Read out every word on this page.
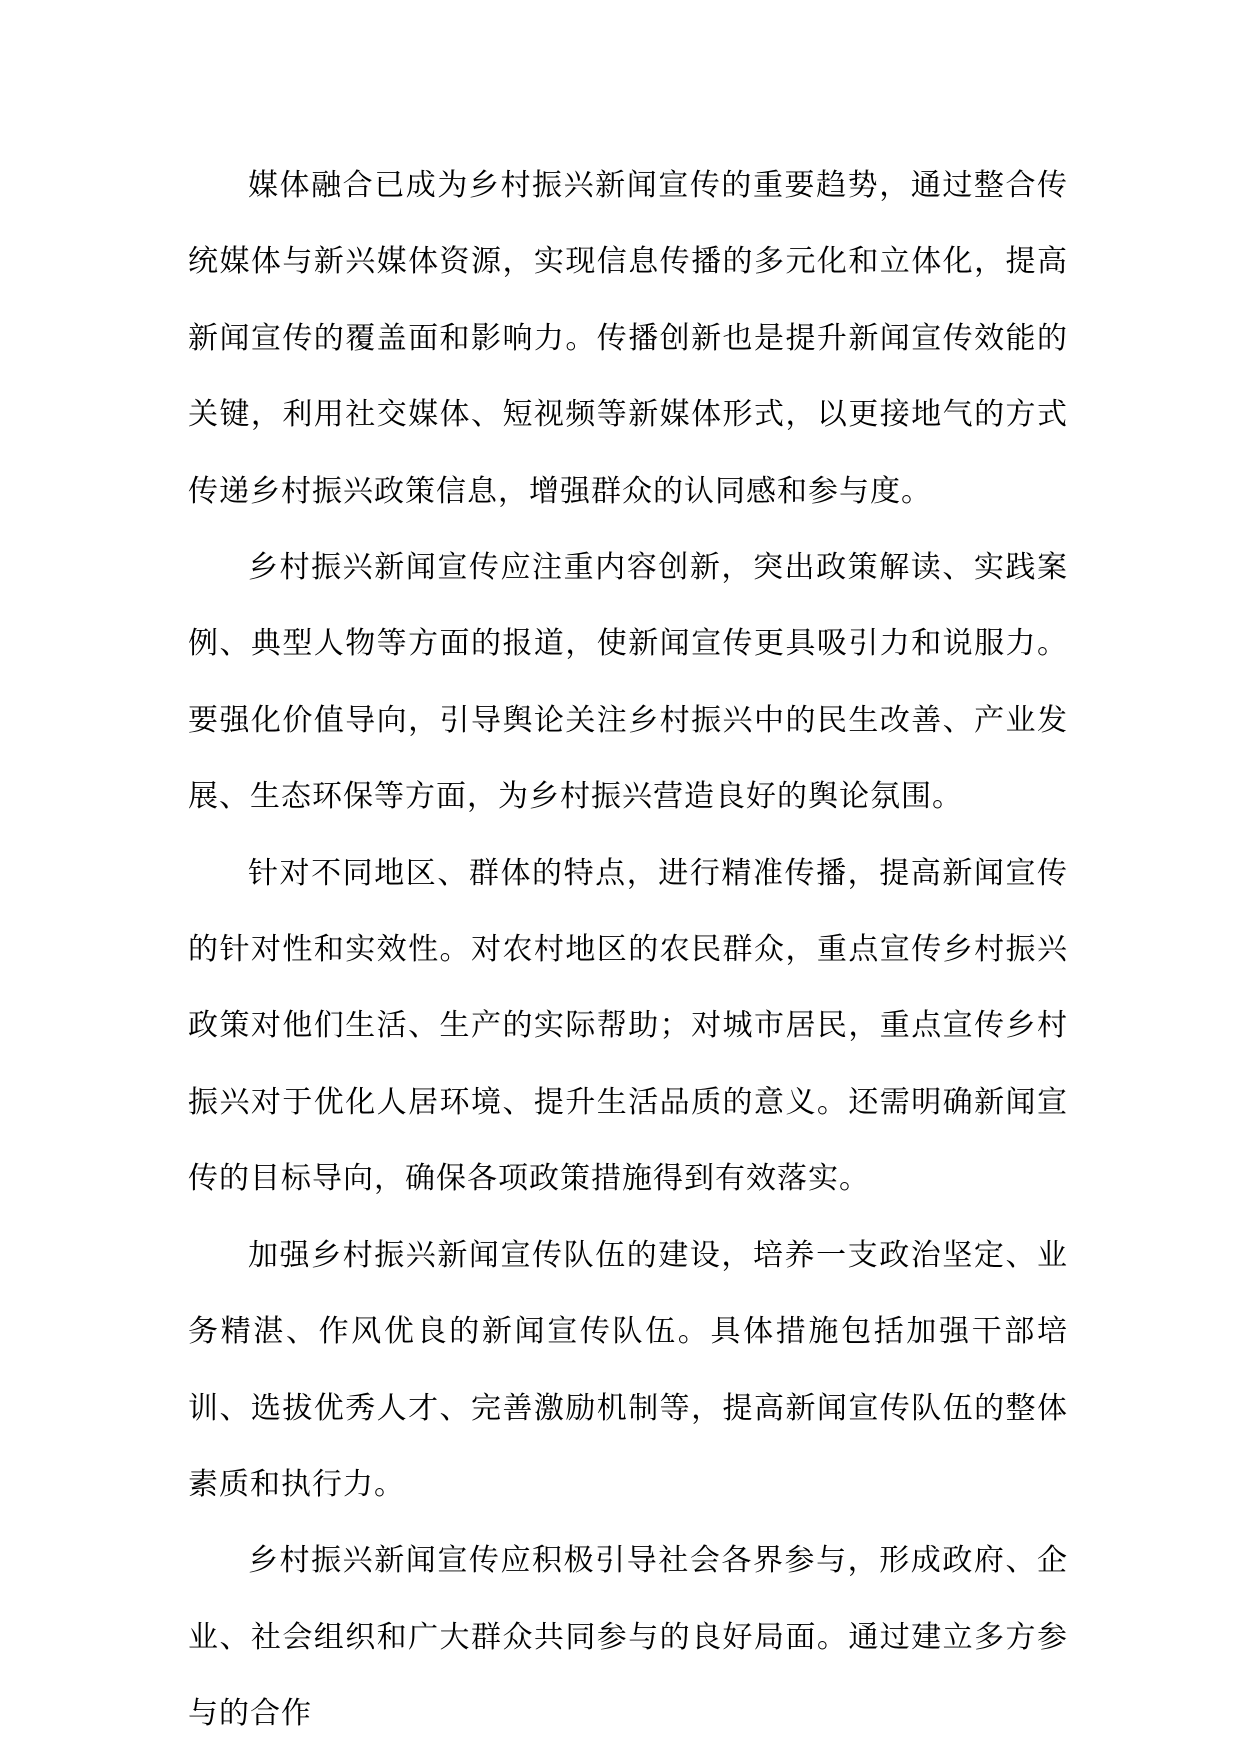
媒体融合已成为乡村振兴新闻宣传的重要趋势，通过整合传统媒体与新兴媒体资源，实现信息传播的多元化和立体化，提高新闻宣传的覆盖面和影响力。传播创新也是提升新闻宣传效能的关键，利用社交媒体、短视频等新媒体形式，以更接地气的方式传递乡村振兴政策信息，增强群众的认同感和参与度。

乡村振兴新闻宣传应注重内容创新，突出政策解读、实践案例、典型人物等方面的报道，使新闻宣传更具吸引力和说服力。要强化价值导向，引导舆论关注乡村振兴中的民生改善、产业发展、生态环保等方面，为乡村振兴营造良好的舆论氛围。

针对不同地区、群体的特点，进行精准传播，提高新闻宣传的针对性和实效性。对农村地区的农民群众，重点宣传乡村振兴政策对他们生活、生产的实际帮助；对城市居民，重点宣传乡村振兴对于优化人居环境、提升生活品质的意义。还需明确新闻宣传的目标导向，确保各项政策措施得到有效落实。

加强乡村振兴新闻宣传队伍的建设，培养一支政治坚定、业务精湛、作风优良的新闻宣传队伍。具体措施包括加强干部培训、选拔优秀人才、完善激励机制等，提高新闻宣传队伍的整体素质和执行力。

乡村振兴新闻宣传应积极引导社会各界参与，形成政府、企业、社会组织和广大群众共同参与的良好局面。通过建立多方参与的合作
